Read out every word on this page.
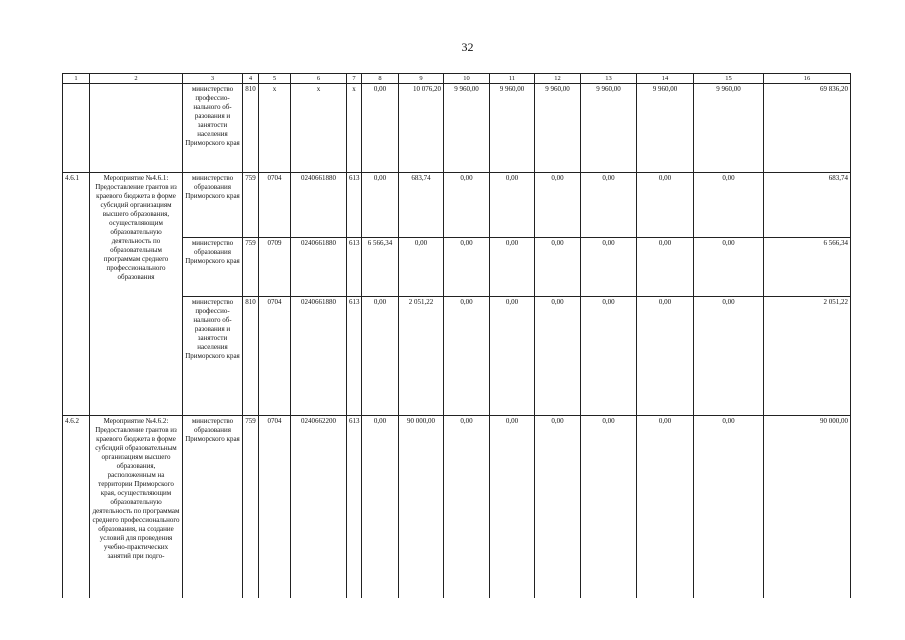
32
1	2	3	4	5	6	7	8	9	10	11	12	13	14	15	16
		министерство профессио-нального об-разования и занятости населения Приморского края	810	х	х	х	0,00	10 076,20	9 960,00	9 960,00	9 960,00	9 960,00	9 960,00	9 960,00	69 836,20
4.6.1	Мероприятие №4.6.1: Предоставление грантов из краевого бюджета в форме субсидий организациям высшего образования, осуществляющим образовательную деятельность по образовательным программам среднего профессионального образования	министерство образования Приморского края	759	0704	0240661880	613	0,00	683,74	0,00	0,00	0,00	0,00	0,00	0,00	683,74
		министерство образования Приморского края	759	0709	0240661880	613	6 566,34	0,00	0,00	0,00	0,00	0,00	0,00	0,00	6 566,34
		министерство профессио-нального об-разования и занятости населения Приморского края	810	0704	0240661880	613	0,00	2 051,22	0,00	0,00	0,00	0,00	0,00	0,00	2 051,22
4.6.2	Мероприятие №4.6.2: Предоставление грантов из краевого бюджета в форме субсидий образовательным организациям высшего образования, расположенным на территории Приморского края, осуществляющим образовательную деятельность по программам среднего профессионального образования, на создание условий для проведения учебно-практических занятий при подго-	министерство образования Приморского края	759	0704	0240662200	613	0,00	90 000,00	0,00	0,00	0,00	0,00	0,00	0,00	90 000,00
